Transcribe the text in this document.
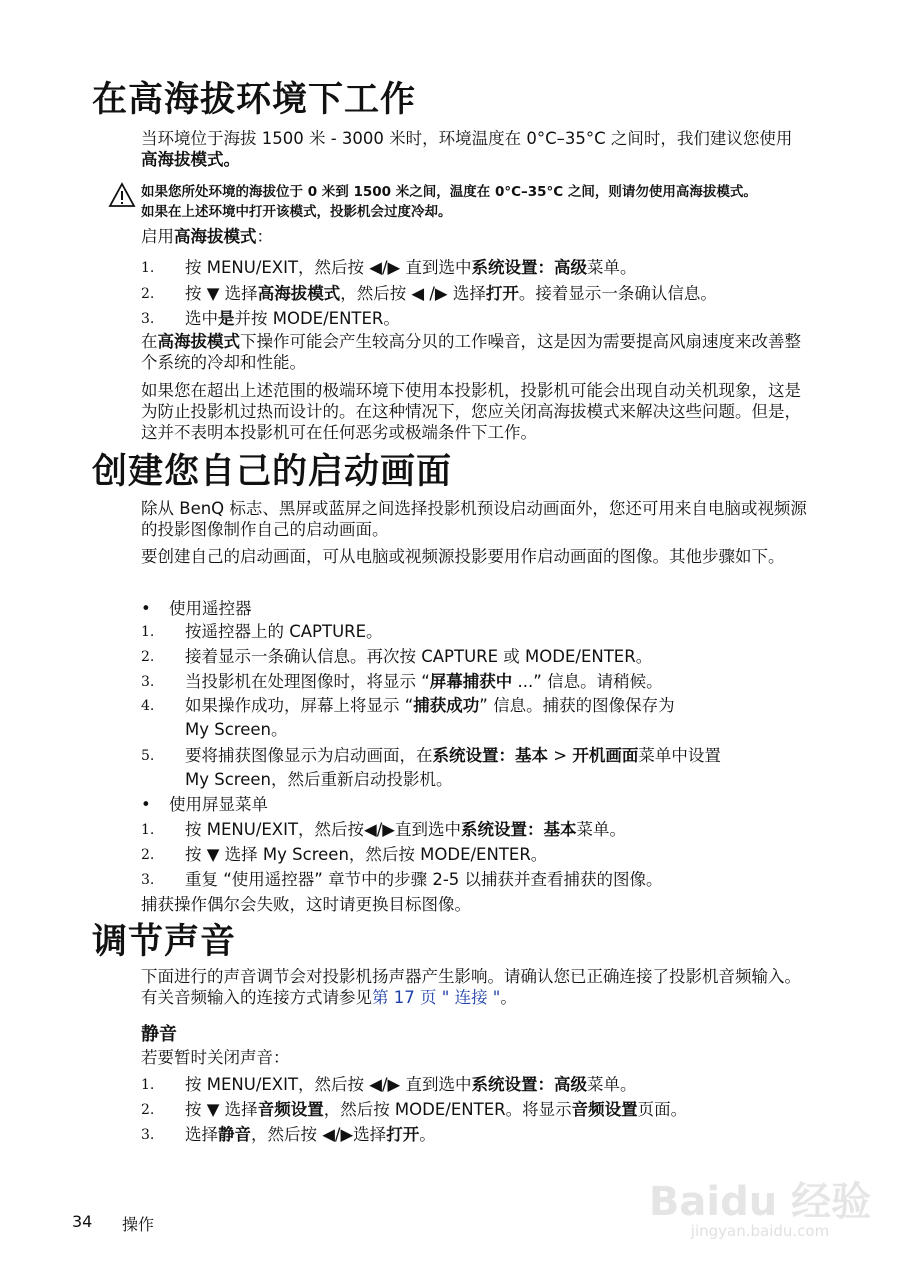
在高海拔环境下工作
当环境位于海拔 1500 米 - 3000 米时，环境温度在 0°C–35°C 之间时，我们建议您使用
高海拔模式。
如果您所处环境的海拔位于 0 米到 1500 米之间，温度在 0°C–35°C 之间，则请勿使用高海拔模式。
如果在上述环境中打开该模式，投影机会过度冷却。
启用高海拔模式：
1.	按 MENU/EXIT，然后按 ◀/▶ 直到选中系统设置：高级菜单。
2.	按 ▼ 选择高海拔模式，然后按 ◀ /▶ 选择打开。接着显示一条确认信息。
3.	选中是并按 MODE/ENTER。
在高海拔模式下操作可能会产生较高分贝的工作噪音，这是因为需要提高风扇速度来改善整个系统的冷却和性能。
如果您在超出上述范围的极端环境下使用本投影机，投影机可能会出现自动关机现象，这是为防止投影机过热而设计的。在这种情况下，您应关闭高海拔模式来解决这些问题。但是，这并不表明本投影机可在任何恶劣或极端条件下工作。
创建您自己的启动画面
除从 BenQ 标志、黑屏或蓝屏之间选择投影机预设启动画面外，您还可用来自电脑或视频源的投影图像制作自己的启动画面。
要创建自己的启动画面，可从电脑或视频源投影要用作启动画面的图像。其他步骤如下。
• 使用遥控器
1.	按遥控器上的 CAPTURE。
2.	接着显示一条确认信息。再次按 CAPTURE 或 MODE/ENTER。
3.	当投影机在处理图像时，将显示 “屏幕捕获中 ...” 信息。请稍候。
4.	如果操作成功，屏幕上将显示 “捕获成功” 信息。捕获的图像保存为
My Screen。
5.	要将捕获图像显示为启动画面，在系统设置：基本 > 开机画面菜单中设置
My Screen，然后重新启动投影机。
• 使用屏显菜单
1.	按 MENU/EXIT，然后按◀/▶直到选中系统设置：基本菜单。
2.	按 ▼ 选择 My Screen，然后按 MODE/ENTER。
3.	重复 “使用遥控器” 章节中的步骤 2-5 以捕获并查看捕获的图像。
捕获操作偶尔会失败，这时请更换目标图像。
调节声音
下面进行的声音调节会对投影机扬声器产生影响。请确认您已正确连接了投影机音频输入。有关音频输入的连接方式请参见第 17 页 " 连接 "。
静音
若要暂时关闭声音：
1.	按 MENU/EXIT，然后按 ◀/▶ 直到选中系统设置：高级菜单。
2.	按 ▼ 选择音频设置，然后按 MODE/ENTER。将显示音频设置页面。
3.	选择静音，然后按 ◀/▶选择打开。
34 操作	Baidu 经验
jingyan.baidu.com
